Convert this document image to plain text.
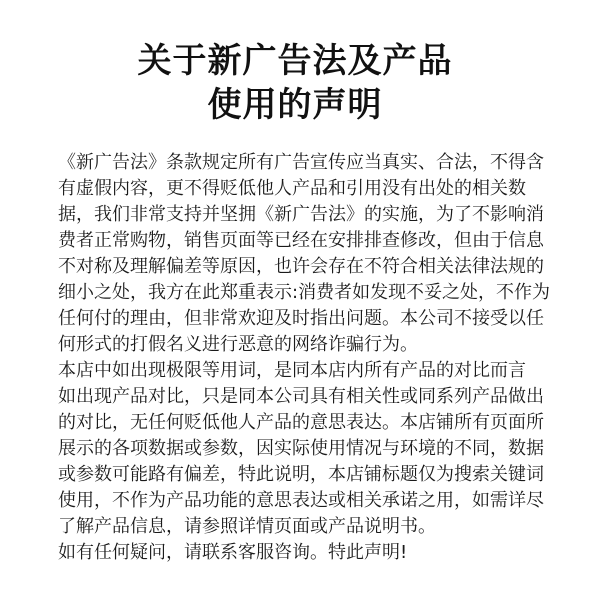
关于新广告法及产品
使用的声明
《新广告法》条款规定所有广告宣传应当真实、合法，不得含
有虚假内容，更不得贬低他人产品和引用没有出处的相关数
据，我们非常支持并坚拥《新广告法》的实施，为了不影响消
费者正常购物，销售页面等已经在安排排查修改，但由于信息
不对称及理解偏差等原因，也许会存在不符合相关法律法规的
细小之处，我方在此郑重表示:消费者如发现不妥之处，不作为
任何付的理由，但非常欢迎及时指出问题。本公司不接受以任
何形式的打假名义进行恶意的网络诈骗行为。
本店中如出现极限等用词，是同本店内所有产品的对比而言
如出现产品对比，只是同本公司具有相关性或同系列产品做出
的对比，无任何贬低他人产品的意思表达。本店铺所有页面所
展示的各项数据或参数，因实际使用情况与环境的不同，数据
或参数可能路有偏差，特此说明，本店铺标题仅为搜索关键词
使用，不作为产品功能的意思表达或相关承诺之用，如需详尽
了解产品信息，请参照详情页面或产品说明书。
如有任何疑问，请联系客服咨询。特此声明!
